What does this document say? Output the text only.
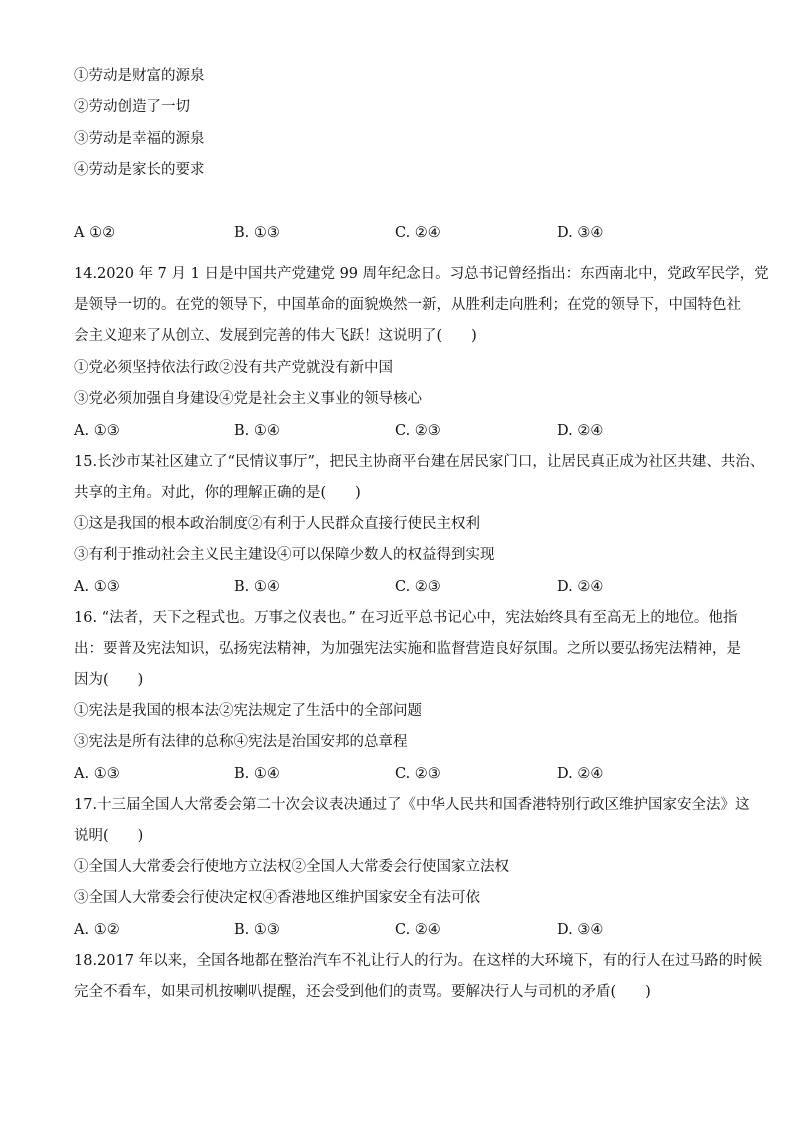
①劳动是财富的源泉
②劳动创造了一切
③劳动是幸福的源泉
④劳动是家长的要求
A ①②	B. ①③	C. ②④	D. ③④
14.2020 年 7 月 1 日是中国共产党建党 99 周年纪念日。习总书记曾经指出：东西南北中，党政军民学，党
是领导一切的。在党的领导下，中国革命的面貌焕然一新，从胜利走向胜利；在党的领导下，中国特色社
会主义迎来了从创立、发展到完善的伟大飞跃！这说明了(　　)
①党必须坚持依法行政②没有共产党就没有新中国
③党必须加强自身建设④党是社会主义事业的领导核心
A. ①③	B. ①④	C. ②③	D. ②④
15.长沙市某社区建立了“民情议事厅”，把民主协商平台建在居民家门口，让居民真正成为社区共建、共治、
共享的主角。对此，你的理解正确的是(　　)
①这是我国的根本政治制度②有利于人民群众直接行使民主权利
③有利于推动社会主义民主建设④可以保障少数人的权益得到实现
A. ①③	B. ①④	C. ②③	D. ②④
16. “法者，天下之程式也。万事之仪表也。” 在习近平总书记心中，宪法始终具有至高无上的地位。他指
出：要普及宪法知识，弘扬宪法精神，为加强宪法实施和监督营造良好氛围。之所以要弘扬宪法精神，是
因为(　　)
①宪法是我国的根本法②宪法规定了生活中的全部问题
③宪法是所有法律的总称④宪法是治国安邦的总章程
A. ①③	B. ①④	C. ②③	D. ②④
17.十三届全国人大常委会第二十次会议表决通过了《中华人民共和国香港特别行政区维护国家安全法》这
说明(　　)
①全国人大常委会行使地方立法权②全国人大常委会行使国家立法权
③全国人大常委会行使决定权④香港地区维护国家安全有法可依
A. ①②	B. ①③	C. ②④	D. ③④
18.2017 年以来，全国各地都在整治汽车不礼让行人的行为。在这样的大环境下，有的行人在过马路的时候
完全不看车，如果司机按喇叭提醒，还会受到他们的责骂。要解决行人与司机的矛盾(　　)
